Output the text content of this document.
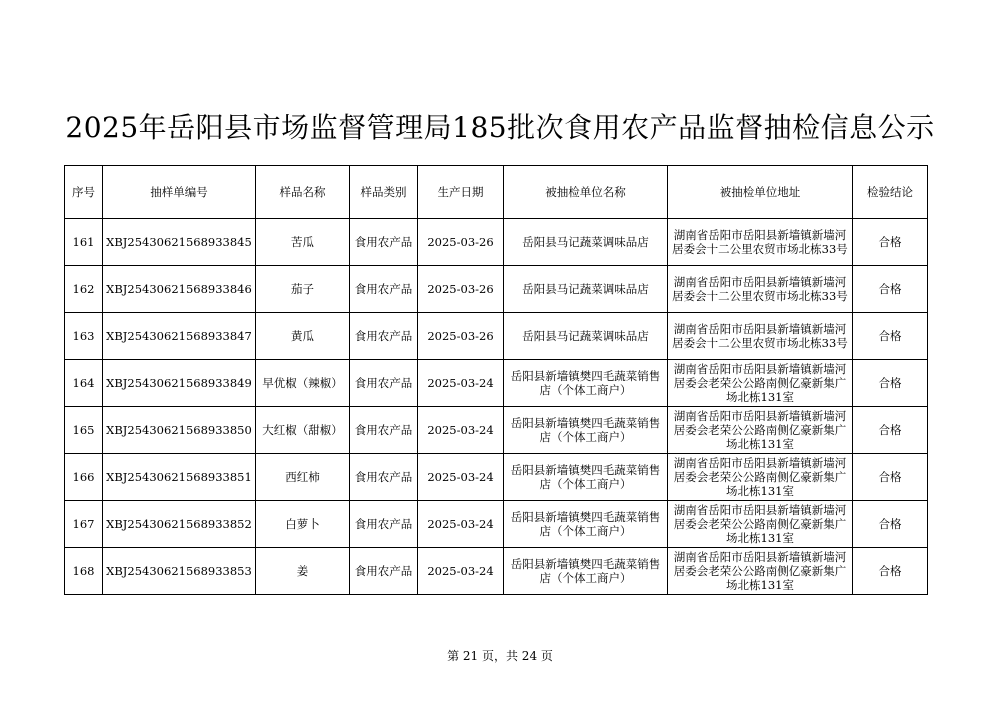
2025年岳阳县市场监督管理局185批次食用农产品监督抽检信息公示
序号	抽样单编号	样品名称	样品类别	生产日期	被抽检单位名称	被抽检单位地址	检验结论
161	XBJ25430621568933845	苦瓜	食用农产品	2025-03-26	岳阳县马记蔬菜调味品店	湖南省岳阳市岳阳县新墙镇新墙河居委会十二公里农贸市场北栋33号	合格
162	XBJ25430621568933846	茄子	食用农产品	2025-03-26	岳阳县马记蔬菜调味品店	湖南省岳阳市岳阳县新墙镇新墙河居委会十二公里农贸市场北栋33号	合格
163	XBJ25430621568933847	黄瓜	食用农产品	2025-03-26	岳阳县马记蔬菜调味品店	湖南省岳阳市岳阳县新墙镇新墙河居委会十二公里农贸市场北栋33号	合格
164	XBJ25430621568933849	早优椒（辣椒）	食用农产品	2025-03-24	岳阳县新墙镇樊四毛蔬菜销售店（个体工商户）	湖南省岳阳市岳阳县新墙镇新墙河居委会老荣公公路南侧亿豪新集广场北栋131室	合格
165	XBJ25430621568933850	大红椒（甜椒）	食用农产品	2025-03-24	岳阳县新墙镇樊四毛蔬菜销售店（个体工商户）	湖南省岳阳市岳阳县新墙镇新墙河居委会老荣公公路南侧亿豪新集广场北栋131室	合格
166	XBJ25430621568933851	西红柿	食用农产品	2025-03-24	岳阳县新墙镇樊四毛蔬菜销售店（个体工商户）	湖南省岳阳市岳阳县新墙镇新墙河居委会老荣公公路南侧亿豪新集广场北栋131室	合格
167	XBJ25430621568933852	白萝卜	食用农产品	2025-03-24	岳阳县新墙镇樊四毛蔬菜销售店（个体工商户）	湖南省岳阳市岳阳县新墙镇新墙河居委会老荣公公路南侧亿豪新集广场北栋131室	合格
168	XBJ25430621568933853	姜	食用农产品	2025-03-24	岳阳县新墙镇樊四毛蔬菜销售店（个体工商户）	湖南省岳阳市岳阳县新墙镇新墙河居委会老荣公公路南侧亿豪新集广场北栋131室	合格
第 21 页，共 24 页
